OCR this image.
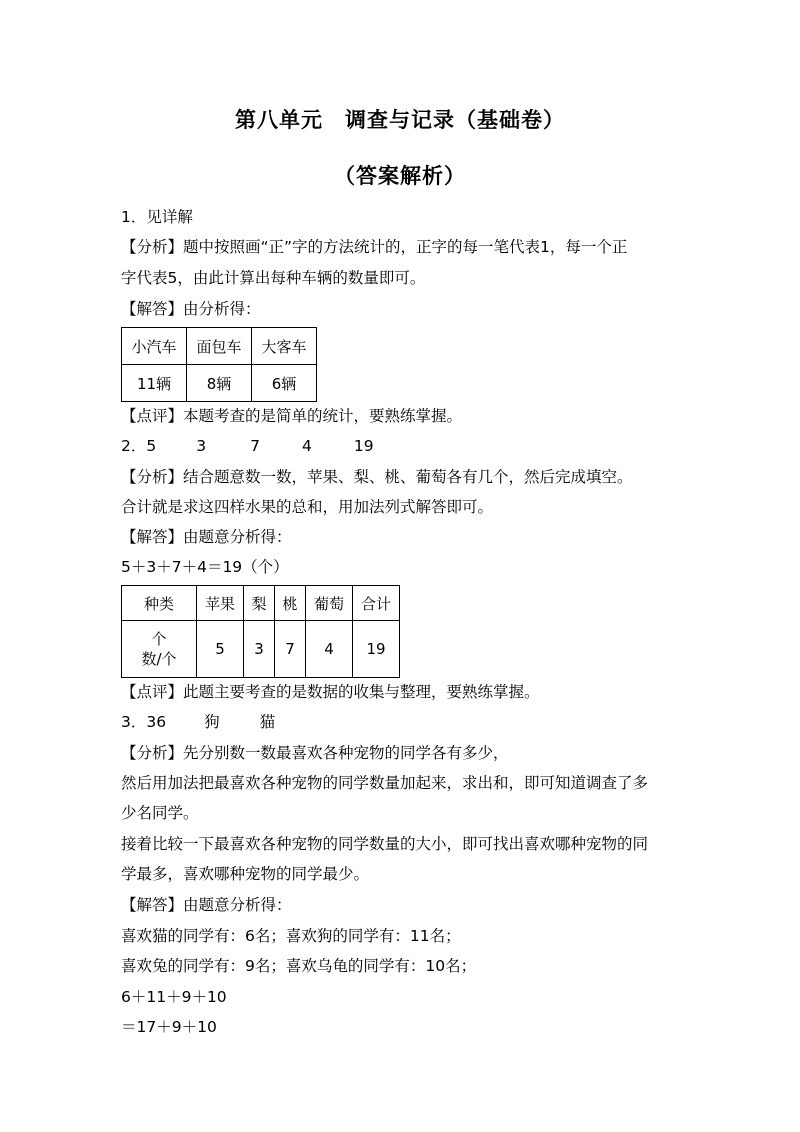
第八单元　调查与记录（基础卷）
（答案解析）
1．见详解
【分析】题中按照画“正”字的方法统计的，正字的每一笔代表1，每一个正
字代表5，由此计算出每种车辆的数量即可。
【解答】由分析得：
小汽车	面包车	大客车
11辆	8辆	6辆
【点评】本题考查的是简单的统计，要熟练掌握。
2．5	3	7	4	19
【分析】结合题意数一数，苹果、梨、桃、葡萄各有几个，然后完成填空。
合计就是求这四样水果的总和，用加法列式解答即可。
【解答】由题意分析得：
5＋3＋7＋4＝19（个）
种类	苹果	梨	桃	葡萄	合计

个
数/个	5	3	7	4	19
【点评】此题主要考查的是数据的收集与整理，要熟练掌握。
3．36 狗	猫
【分析】先分别数一数最喜欢各种宠物的同学各有多少，
然后用加法把最喜欢各种宠物的同学数量加起来，求出和，即可知道调查了多
少名同学。
接着比较一下最喜欢各种宠物的同学数量的大小，即可找出喜欢哪种宠物的同
学最多，喜欢哪种宠物的同学最少。
【解答】由题意分析得：
喜欢猫的同学有：6名；喜欢狗的同学有：11名；
喜欢兔的同学有：9名；喜欢乌龟的同学有：10名；
6＋11＋9＋10
＝17＋9＋10
